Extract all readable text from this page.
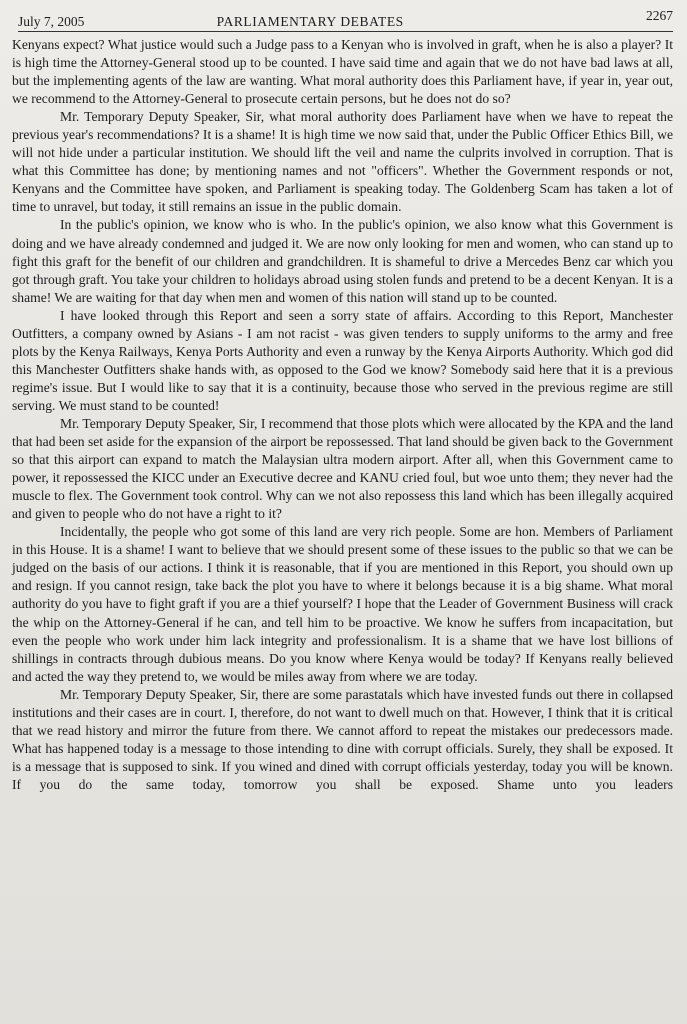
July 7, 2005	PARLIAMENTARY DEBATES	2267

Kenyans expect? What justice would such a Judge pass to a Kenyan who is involved in graft, when he is also a player? It is high time the Attorney-General stood up to be counted. I have said time and again that we do not have bad laws at all, but the implementing agents of the law are wanting. What moral authority does this Parliament have, if year in, year out, we recommend to the Attorney-General to prosecute certain persons, but he does not do so?

Mr. Temporary Deputy Speaker, Sir, what moral authority does Parliament have when we have to repeat the previous year's recommendations? It is a shame! It is high time we now said that, under the Public Officer Ethics Bill, we will not hide under a particular institution. We should lift the veil and name the culprits involved in corruption. That is what this Committee has done; by mentioning names and not "officers". Whether the Government responds or not, Kenyans and the Committee have spoken, and Parliament is speaking today. The Goldenberg Scam has taken a lot of time to unravel, but today, it still remains an issue in the public domain.

In the public's opinion, we know who is who. In the public's opinion, we also know what this Government is doing and we have already condemned and judged it. We are now only looking for men and women, who can stand up to fight this graft for the benefit of our children and grandchildren. It is shameful to drive a Mercedes Benz car which you got through graft. You take your children to holidays abroad using stolen funds and pretend to be a decent Kenyan. It is a shame! We are waiting for that day when men and women of this nation will stand up to be counted.

I have looked through this Report and seen a sorry state of affairs. According to this Report, Manchester Outfitters, a company owned by Asians - I am not racist - was given tenders to supply uniforms to the army and free plots by the Kenya Railways, Kenya Ports Authority and even a runway by the Kenya Airports Authority. Which god did this Manchester Outfitters shake hands with, as opposed to the God we know? Somebody said here that it is a previous regime's issue. But I would like to say that it is a continuity, because those who served in the previous regime are still serving. We must stand to be counted!

Mr. Temporary Deputy Speaker, Sir, I recommend that those plots which were allocated by the KPA and the land that had been set aside for the expansion of the airport be repossessed. That land should be given back to the Government so that this airport can expand to match the Malaysian ultra modern airport. After all, when this Government came to power, it repossessed the KICC under an Executive decree and KANU cried foul, but woe unto them; they never had the muscle to flex. The Government took control. Why can we not also repossess this land which has been illegally acquired and given to people who do not have a right to it?

Incidentally, the people who got some of this land are very rich people. Some are hon. Members of Parliament in this House. It is a shame! I want to believe that we should present some of these issues to the public so that we can be judged on the basis of our actions. I think it is reasonable, that if you are mentioned in this Report, you should own up and resign. If you cannot resign, take back the plot you have to where it belongs because it is a big shame. What moral authority do you have to fight graft if you are a thief yourself? I hope that the Leader of Government Business will crack the whip on the Attorney-General if he can, and tell him to be proactive. We know he suffers from incapacitation, but even the people who work under him lack integrity and professionalism. It is a shame that we have lost billions of shillings in contracts through dubious means. Do you know where Kenya would be today? If Kenyans really believed and acted the way they pretend to, we would be miles away from where we are today.

Mr. Temporary Deputy Speaker, Sir, there are some parastatals which have invested funds out there in collapsed institutions and their cases are in court. I, therefore, do not want to dwell much on that. However, I think that it is critical that we read history and mirror the future from there. We cannot afford to repeat the mistakes our predecessors made. What has happened today is a message to those intending to dine with corrupt officials. Surely, they shall be exposed. It is a message that is supposed to sink. If you wined and dined with corrupt officials yesterday, today you will be known. If you do the same today, tomorrow you shall be exposed. Shame unto you leaders
